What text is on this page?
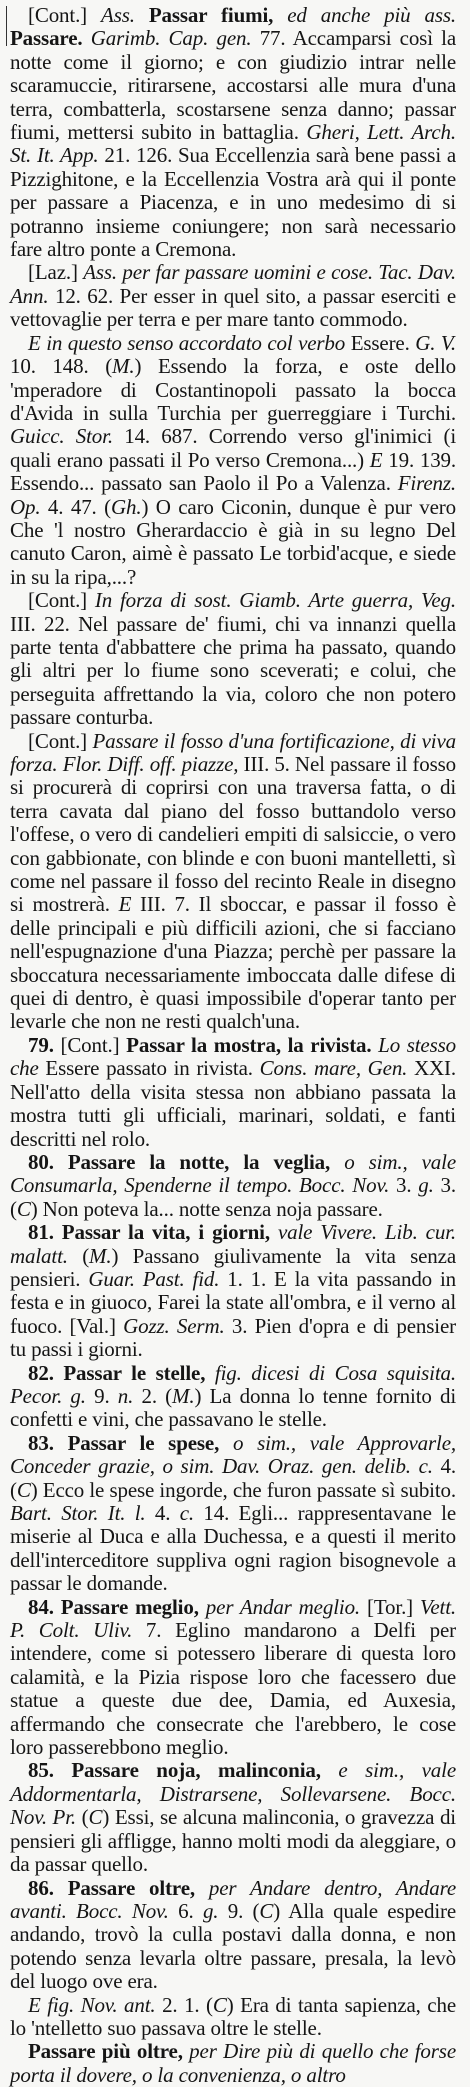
[Cont.] Ass. Passar fiumi, ed anche più ass. Passare. Garimb. Cap. gen. 77. Accamparsi così la notte come il giorno; e con giudizio intrar nelle scaramuccie, ritirarsene, accostarsi alle mura d'una terra, combatterla, scostarsene senza danno; passar fiumi, mettersi subito in battaglia. Gheri, Lett. Arch. St. It. App. 21. 126. Sua Eccellenzia sarà bene passi a Pizzighitone, e la Eccellenzia Vostra arà qui il ponte per passare a Piacenza, e in uno medesimo di si potranno insieme coniungere; non sarà necessario fare altro ponte a Cremona.

[Laz.] Ass. per far passare uomini e cose. Tac. Dav. Ann. 12. 62. Per esser in quel sito, a passar eserciti e vettovaglie per terra e per mare tanto commodo.

E in questo senso accordato col verbo Essere. G. V. 10. 148. (M.) Essendo la forza, e oste dello 'mperadore di Costantinopoli passato la bocca d'Avida in sulla Turchia per guerreggiare i Turchi. Guicc. Stor. 14. 687. Correndo verso gl'inimici (i quali erano passati il Po verso Cremona...) E 19. 139. Essendo... passato san Paolo il Po a Valenza. Firenz. Op. 4. 47. (Gh.) O caro Ciconin, dunque è pur vero Che 'l nostro Gherardaccio è già in su legno Del canuto Caron, aimè è passato Le torbid'acque, e siede in su la ripa,...?

[Cont.] In forza di sost. Giamb. Arte guerra, Veg. III. 22. Nel passare de' fiumi, chi va innanzi quella parte tenta d'abbattere che prima ha passato, quando gli altri per lo fiume sono sceverati; e colui, che perseguita affrettando la via, coloro che non potero passare conturba.

[Cont.] Passare il fosso d'una fortificazione, di viva forza. Flor. Diff. off. piazze, III. 5. Nel passare il fosso si procurerà di coprirsi con una traversa fatta, o di terra cavata dal piano del fosso buttandolo verso l'offese, o vero di candelieri empiti di salsiccie, o vero con gabbionate, con blinde e con buoni mantelletti, sì come nel passare il fosso del recinto Reale in disegno si mostrerà. E III. 7. Il sboccar, e passar il fosso è delle principali e più difficili azioni, che si facciano nell'espugnazione d'una Piazza; perchè per passare la sboccatura necessariamente imboccata dalle difese di quei di dentro, è quasi impossibile d'operar tanto per levarle che non ne resti qualch'una.

79. [Cont.] Passar la mostra, la rivista. Lo stesso che Essere passato in rivista. Cons. mare, Gen. XXI. Nell'atto della visita stessa non abbiano passata la mostra tutti gli ufficiali, marinari, soldati, e fanti descritti nel rolo.

80. Passare la notte, la veglia, o sim., vale Consumarla, Spenderne il tempo. Bocc. Nov. 3. g. 3. (C) Non poteva la... notte senza noja passare.

81. Passar la vita, i giorni, vale Vivere. Lib. cur. malatt. (M.) Passano giulivamente la vita senza pensieri. Guar. Past. fid. 1. 1. E la vita passando in festa e in giuoco, Farei la state all'ombra, e il verno al fuoco. [Val.] Gozz. Serm. 3. Pien d'opra e di pensier tu passi i giorni.

82. Passar le stelle, fig. dicesi di Cosa squisita. Pecor. g. 9. n. 2. (M.) La donna lo tenne fornito di confetti e vini, che passavano le stelle.

83. Passar le spese, o sim., vale Approvarle, Conceder grazie, o sim. Dav. Oraz. gen. delib. c. 4. (C) Ecco le spese ingorde, che furon passate sì subito. Bart. Stor. It. l. 4. c. 14. Egli... rappresentavane le miserie al Duca e alla Duchessa, e a questi il merito dell'interceditore suppliva ogni ragion bisognevole a passar le domande.

84. Passare meglio, per Andar meglio. [Tor.] Vett. P. Colt. Uliv. 7. Eglino mandarono a Delfi per intendere, come si potessero liberare di questa loro calamità, e la Pizia rispose loro che facessero due statue a queste due dee, Damia, ed Auxesia, affermando che consecrate che l'arebbero, le cose loro passerebbono meglio.

85. Passare noja, malinconia, e sim., vale Addormentarla, Distrarsene, Sollevarsene. Bocc. Nov. Pr. (C) Essi, se alcuna malinconia, o gravezza di pensieri gli affligge, hanno molti modi da aleggiare, o da passar quello.

86. Passare oltre, per Andare dentro, Andare avanti. Bocc. Nov. 6. g. 9. (C) Alla quale espedire andando, trovò la culla postavi dalla donna, e non potendo senza levarla oltre passare, presala, la levò del luogo ove era.

E fig. Nov. ant. 2. 1. (C) Era di tanta sapienza, che lo 'ntelletto suo passava oltre le stelle.

Passare più oltre, per Dire più di quello che forse porta il dovere, o la convenienza, o altro
